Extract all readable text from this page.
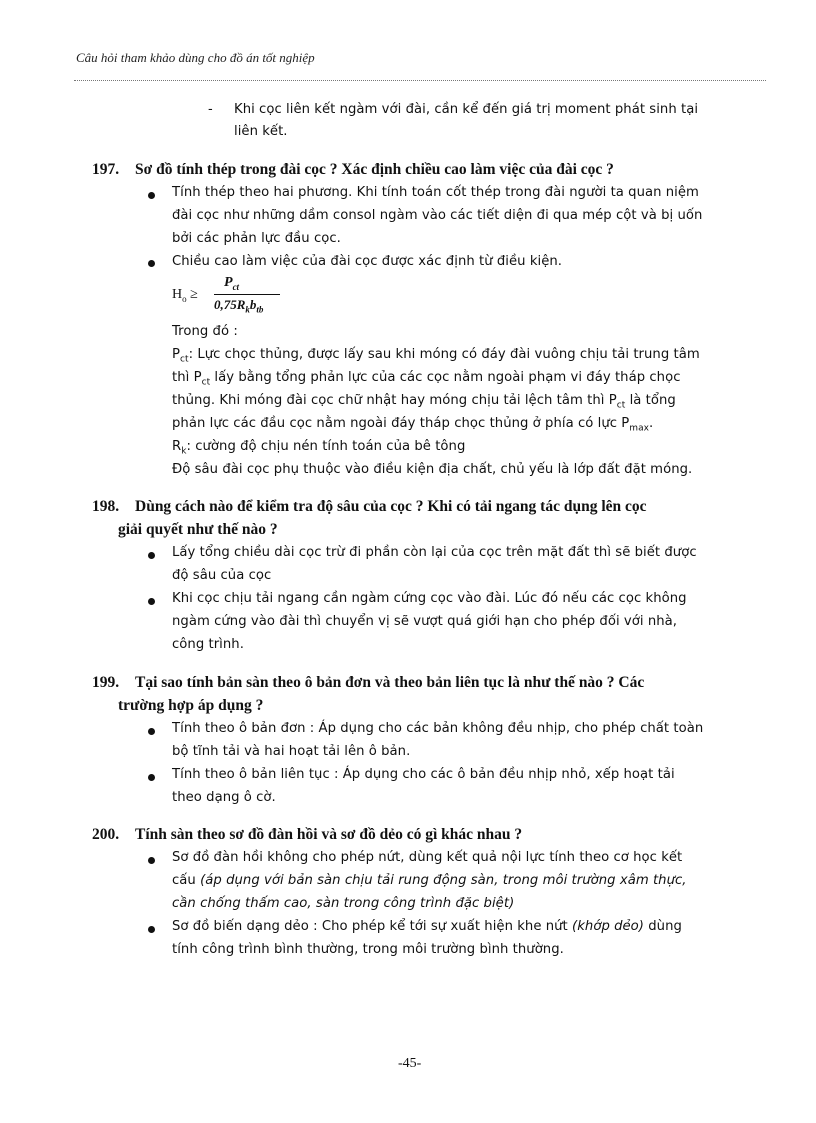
Câu hỏi tham khảo dùng cho đồ án tốt nghiệp
- Khi cọc liên kết ngàm với đài, cần kể đến giá trị moment phát sinh tại
liên kết.
197. Sơ đồ tính thép trong đài cọc ? Xác định chiều cao làm việc của đài cọc ?
Tính thép theo hai phương. Khi tính toán cốt thép trong đài người ta quan niệm
đài cọc như những dầm consol ngàm vào các tiết diện đi qua mép cột và bị uốn
bởi các phản lực đầu cọc.
Chiều cao làm việc của đài cọc được xác định từ điều kiện.
$H_o$ ≥
$P_{ct}$
$0,75R_kb_{tb}$
Trong đó :
$P_{ct}$: Lực chọc thủng, được lấy sau khi móng có đáy đài vuông chịu tải trung tâm
thì $P_{ct}$ lấy bằng tổng phản lực của các cọc nằm ngoài phạm vi đáy tháp chọc
thủng. Khi móng đài cọc chữ nhật hay móng chịu tải lệch tâm thì $P_{ct}$ là tổng
phản lực các đầu cọc nằm ngoài đáy tháp chọc thủng ở phía có lực $P_{max}$.
$R_k$: cường độ chịu nén tính toán của bê tông
Độ sâu đài cọc phụ thuộc vào điều kiện địa chất, chủ yếu là lớp đất đặt móng.
198. Dùng cách nào để kiểm tra độ sâu của cọc ? Khi có tải ngang tác dụng lên cọc
giải quyết như thế nào ?
Lấy tổng chiều dài cọc trừ đi phần còn lại của cọc trên mặt đất thì sẽ biết được
độ sâu của cọc
Khi cọc chịu tải ngang cần ngàm cứng cọc vào đài. Lúc đó nếu các cọc không
ngàm cứng vào đài thì chuyển vị sẽ vượt quá giới hạn cho phép đối với nhà,
công trình.
199. Tại sao tính bản sàn theo ô bản đơn và theo bản liên tục là như thế nào ? Các
trường hợp áp dụng ?
Tính theo ô bản đơn : Áp dụng cho các bản không đều nhịp, cho phép chất toàn
bộ tĩnh tải và hai hoạt tải lên ô bản.
Tính theo ô bản liên tục : Áp dụng cho các ô bản đều nhịp nhỏ, xếp hoạt tải
theo dạng ô cờ.
200. Tính sàn theo sơ đồ đàn hồi và sơ đồ dẻo có gì khác nhau ?
Sơ đồ đàn hồi không cho phép nứt, dùng kết quả nội lực tính theo cơ học kết
cấu (áp dụng với bản sàn chịu tải rung động sàn, trong môi trường xâm thực,
cần chống thấm cao, sàn trong công trình đặc biệt)
Sơ đồ biến dạng dẻo : Cho phép kể tới sự xuất hiện khe nứt (khớp dẻo) dùng
tính công trình bình thường, trong môi trường bình thường.
-45-
